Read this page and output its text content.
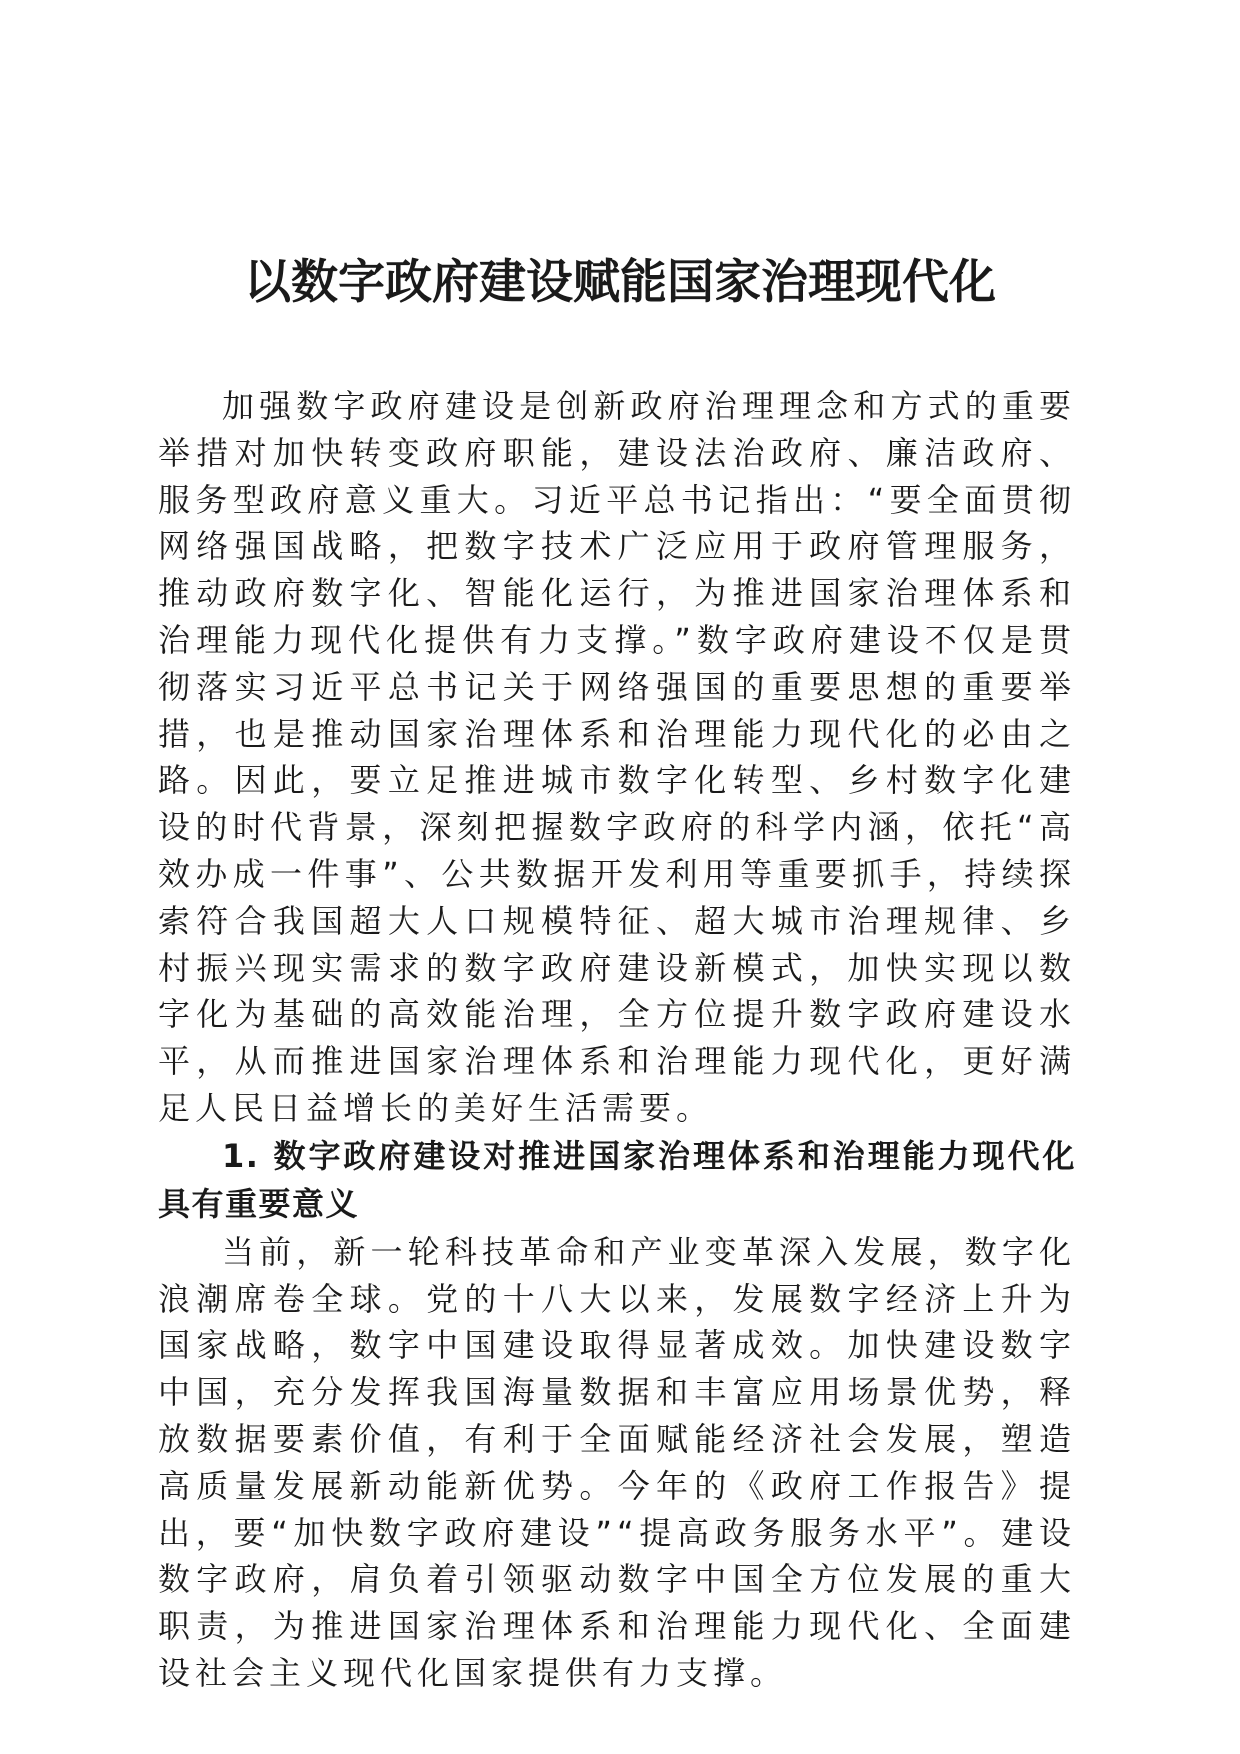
以数字政府建设赋能国家治理现代化

加强数字政府建设是创新政府治理理念和方式的重要举措对加快转变政府职能，建设法治政府、廉洁政府、服务型政府意义重大。习近平总书记指出：“要全面贯彻网络强国战略，把数字技术广泛应用于政府管理服务，推动政府数字化、智能化运行，为推进国家治理体系和治理能力现代化提供有力支撑。”数字政府建设不仅是贯彻落实习近平总书记关于网络强国的重要思想的重要举措，也是推动国家治理体系和治理能力现代化的必由之路。因此，要立足推进城市数字化转型、乡村数字化建设的时代背景，深刻把握数字政府的科学内涵，依托“高效办成一件事”、公共数据开发利用等重要抓手，持续探索符合我国超大人口规模特征、超大城市治理规律、乡村振兴现实需求的数字政府建设新模式，加快实现以数字化为基础的高效能治理，全方位提升数字政府建设水平，从而推进国家治理体系和治理能力现代化，更好满足人民日益增长的美好生活需要。

1. 数字政府建设对推进国家治理体系和治理能力现代化具有重要意义

当前，新一轮科技革命和产业变革深入发展，数字化浪潮席卷全球。党的十八大以来，发展数字经济上升为国家战略，数字中国建设取得显著成效。加快建设数字中国，充分发挥我国海量数据和丰富应用场景优势，释放数据要素价值，有利于全面赋能经济社会发展，塑造高质量发展新动能新优势。今年的《政府工作报告》提出，要“加快数字政府建设”“提高政务服务水平”。建设数字政府，肩负着引领驱动数字中国全方位发展的重大职责，为推进国家治理体系和治理能力现代化、全面建设社会主义现代化国家提供有力支撑。
